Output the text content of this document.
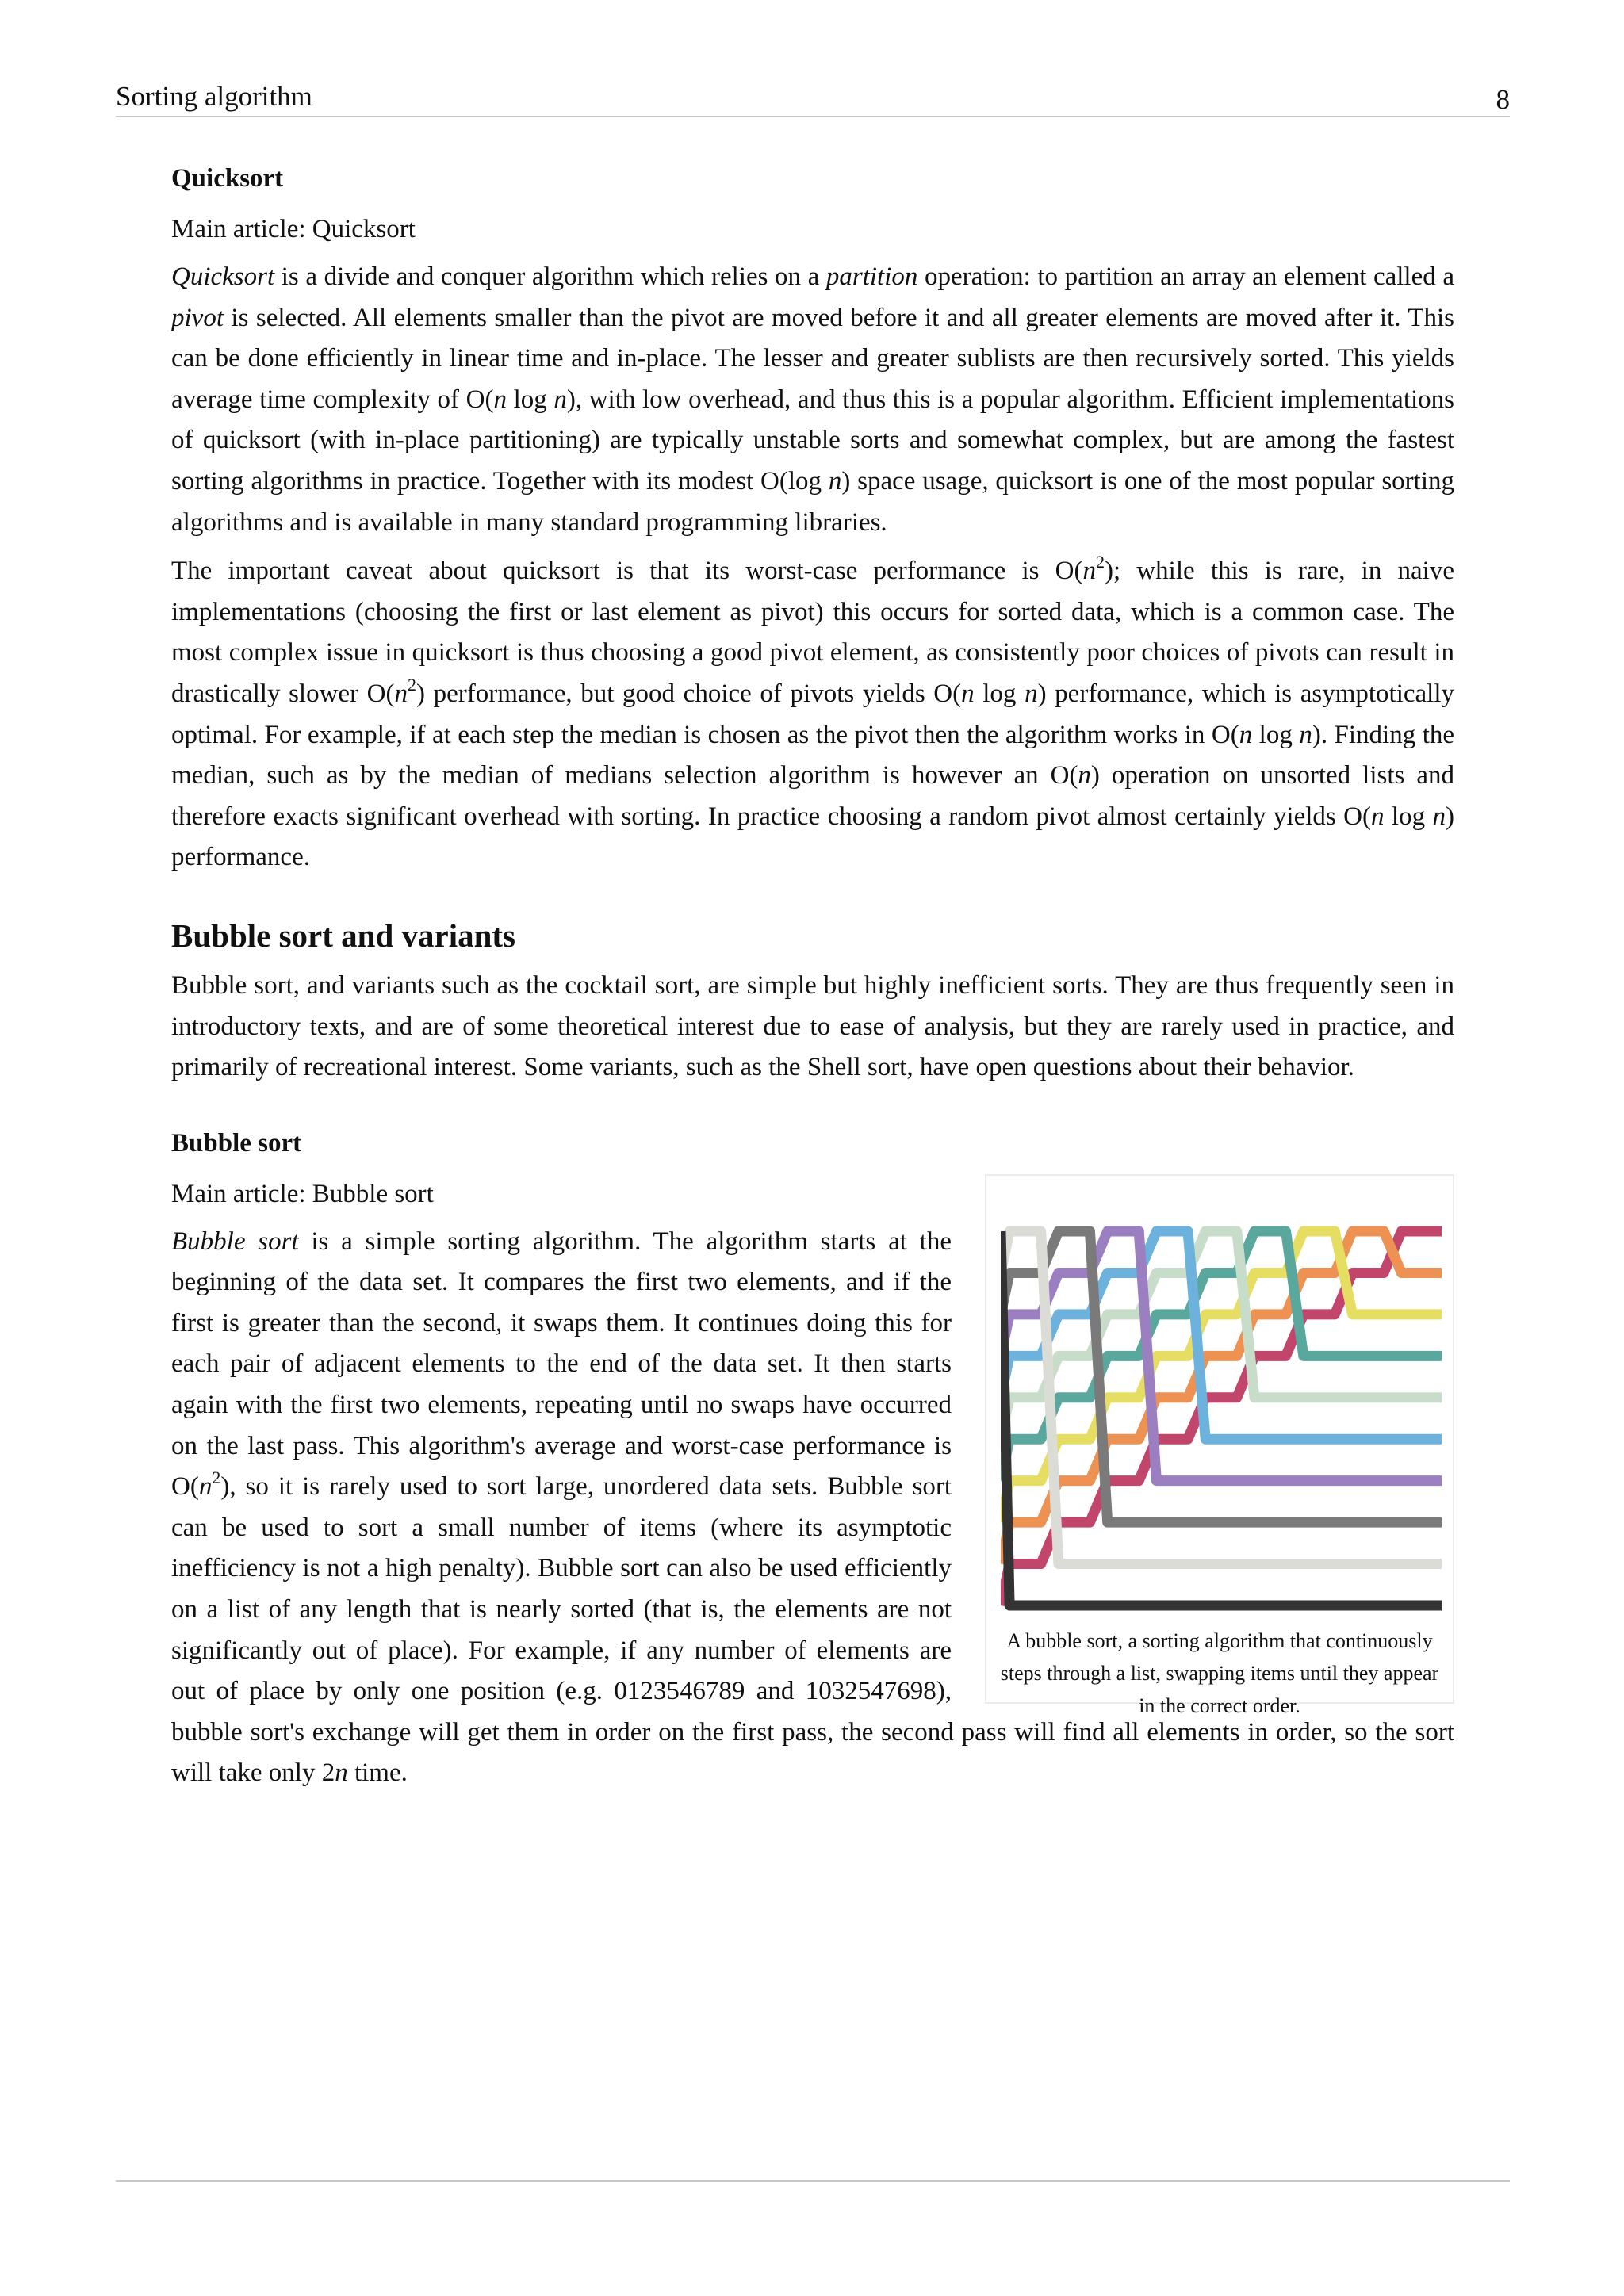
Sorting algorithm	8
Quicksort
Main article: Quicksort

Quicksort is a divide and conquer algorithm which relies on a partition operation: to partition an array an element called a pivot is selected. All elements smaller than the pivot are moved before it and all greater elements are moved after it. This can be done efficiently in linear time and in-place. The lesser and greater sublists are then recursively sorted. This yields average time complexity of O(n log n), with low overhead, and thus this is a popular algorithm. Efficient implementations of quicksort (with in-place partitioning) are typically unstable sorts and somewhat complex, but are among the fastest sorting algorithms in practice. Together with its modest O(log n) space usage, quicksort is one of the most popular sorting algorithms and is available in many standard programming libraries.

The important caveat about quicksort is that its worst-case performance is $O(n^2)$; while this is rare, in naive implementations (choosing the first or last element as pivot) this occurs for sorted data, which is a common case. The most complex issue in quicksort is thus choosing a good pivot element, as consistently poor choices of pivots can result in drastically slower $O(n^2)$ performance, but good choice of pivots yields O(n log n) performance, which is asymptotically optimal. For example, if at each step the median is chosen as the pivot then the algorithm works in O(n log n). Finding the median, such as by the median of medians selection algorithm is however an O(n) operation on unsorted lists and therefore exacts significant overhead with sorting. In practice choosing a random pivot almost certainly yields O(n log n) performance.

Bubble sort and variants

Bubble sort, and variants such as the cocktail sort, are simple but highly inefficient sorts. They are thus frequently seen in introductory texts, and are of some theoretical interest due to ease of analysis, but they are rarely used in practice, and primarily of recreational interest. Some variants, such as the Shell sort, have open questions about their behavior.

Bubble sort
A bubble sort, a sorting algorithm that continuously steps through a list, swapping items until they appear in the correct order.
Main article: Bubble sort

Bubble sort is a simple sorting algorithm. The algorithm starts at the beginning of the data set. It compares the first two elements, and if the first is greater than the second, it swaps them. It continues doing this for each pair of adjacent elements to the end of the data set. It then starts again with the first two elements, repeating until no swaps have occurred on the last pass. This algorithm's average and worst-case performance is $O(n^2)$, so it is rarely used to sort large, unordered data sets. Bubble sort can be used to sort a small number of items (where its asymptotic inefficiency is not a high penalty). Bubble sort can also be used efficiently on a list of any length that is nearly sorted (that is, the elements are not significantly out of place). For example, if any number of elements are out of place by only one position (e.g. 0123546789 and 1032547698), bubble sort's exchange will get them in order on the first pass, the second pass will find all elements in order, so the sort will take only 2n time.
